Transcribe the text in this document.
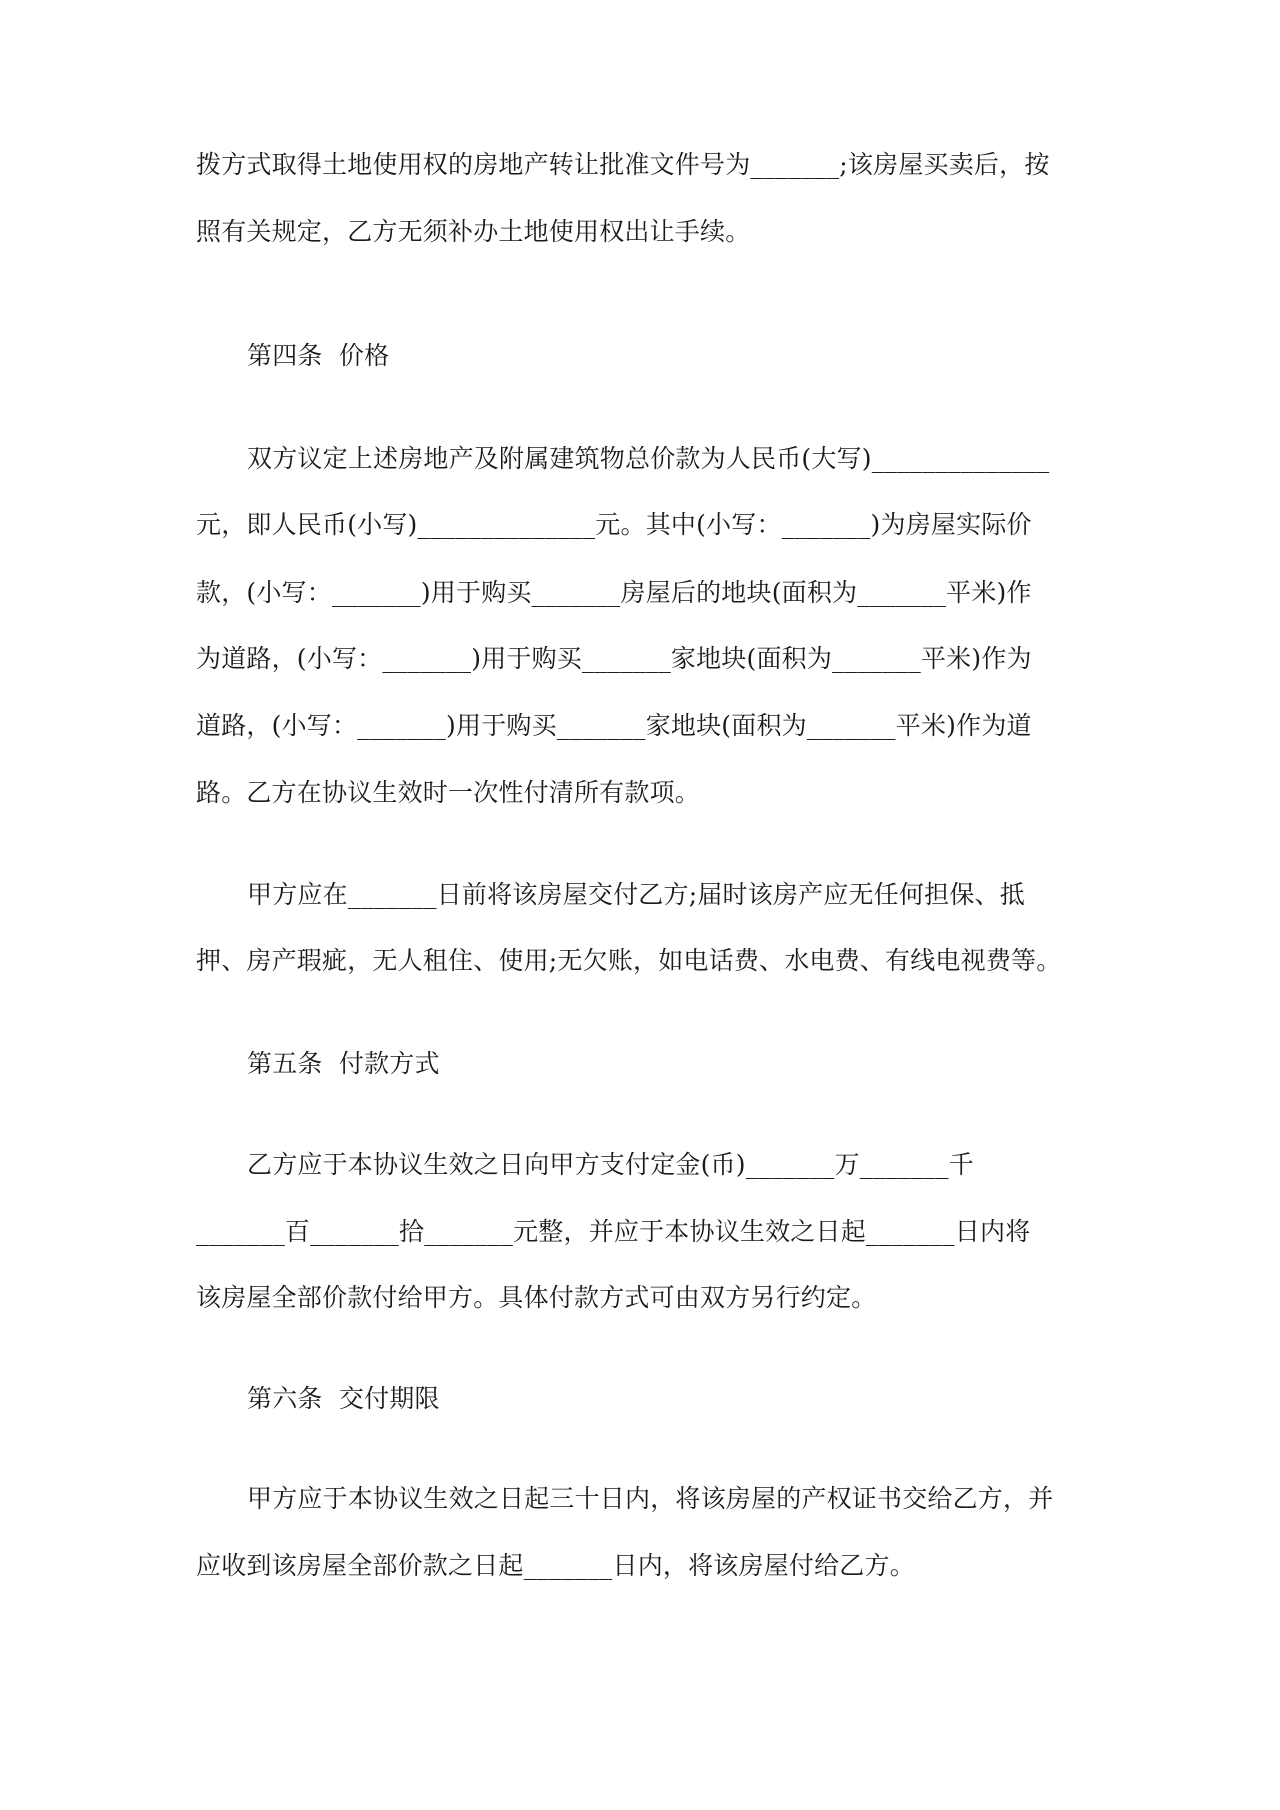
拨方式取得土地使用权的房地产转让批准文件号为_______;该房屋买卖后，按
照有关规定，乙方无须补办土地使用权出让手续。
第四条  价格
双方议定上述房地产及附属建筑物总价款为人民币(大写)______________
元，即人民币(小写)______________元。其中(小写：_______)为房屋实际价
款，(小写：_______)用于购买_______房屋后的地块(面积为_______平米)作
为道路，(小写：_______)用于购买_______家地块(面积为_______平米)作为
道路，(小写：_______)用于购买_______家地块(面积为_______平米)作为道
路。乙方在协议生效时一次性付清所有款项。
甲方应在_______日前将该房屋交付乙方;届时该房产应无任何担保、抵
押、房产瑕疵，无人租住、使用;无欠账，如电话费、水电费、有线电视费等。
第五条  付款方式
乙方应于本协议生效之日向甲方支付定金(币)_______万_______千
_______百_______拾_______元整，并应于本协议生效之日起_______日内将
该房屋全部价款付给甲方。具体付款方式可由双方另行约定。
第六条  交付期限
甲方应于本协议生效之日起三十日内，将该房屋的产权证书交给乙方，并
应收到该房屋全部价款之日起_______日内，将该房屋付给乙方。
